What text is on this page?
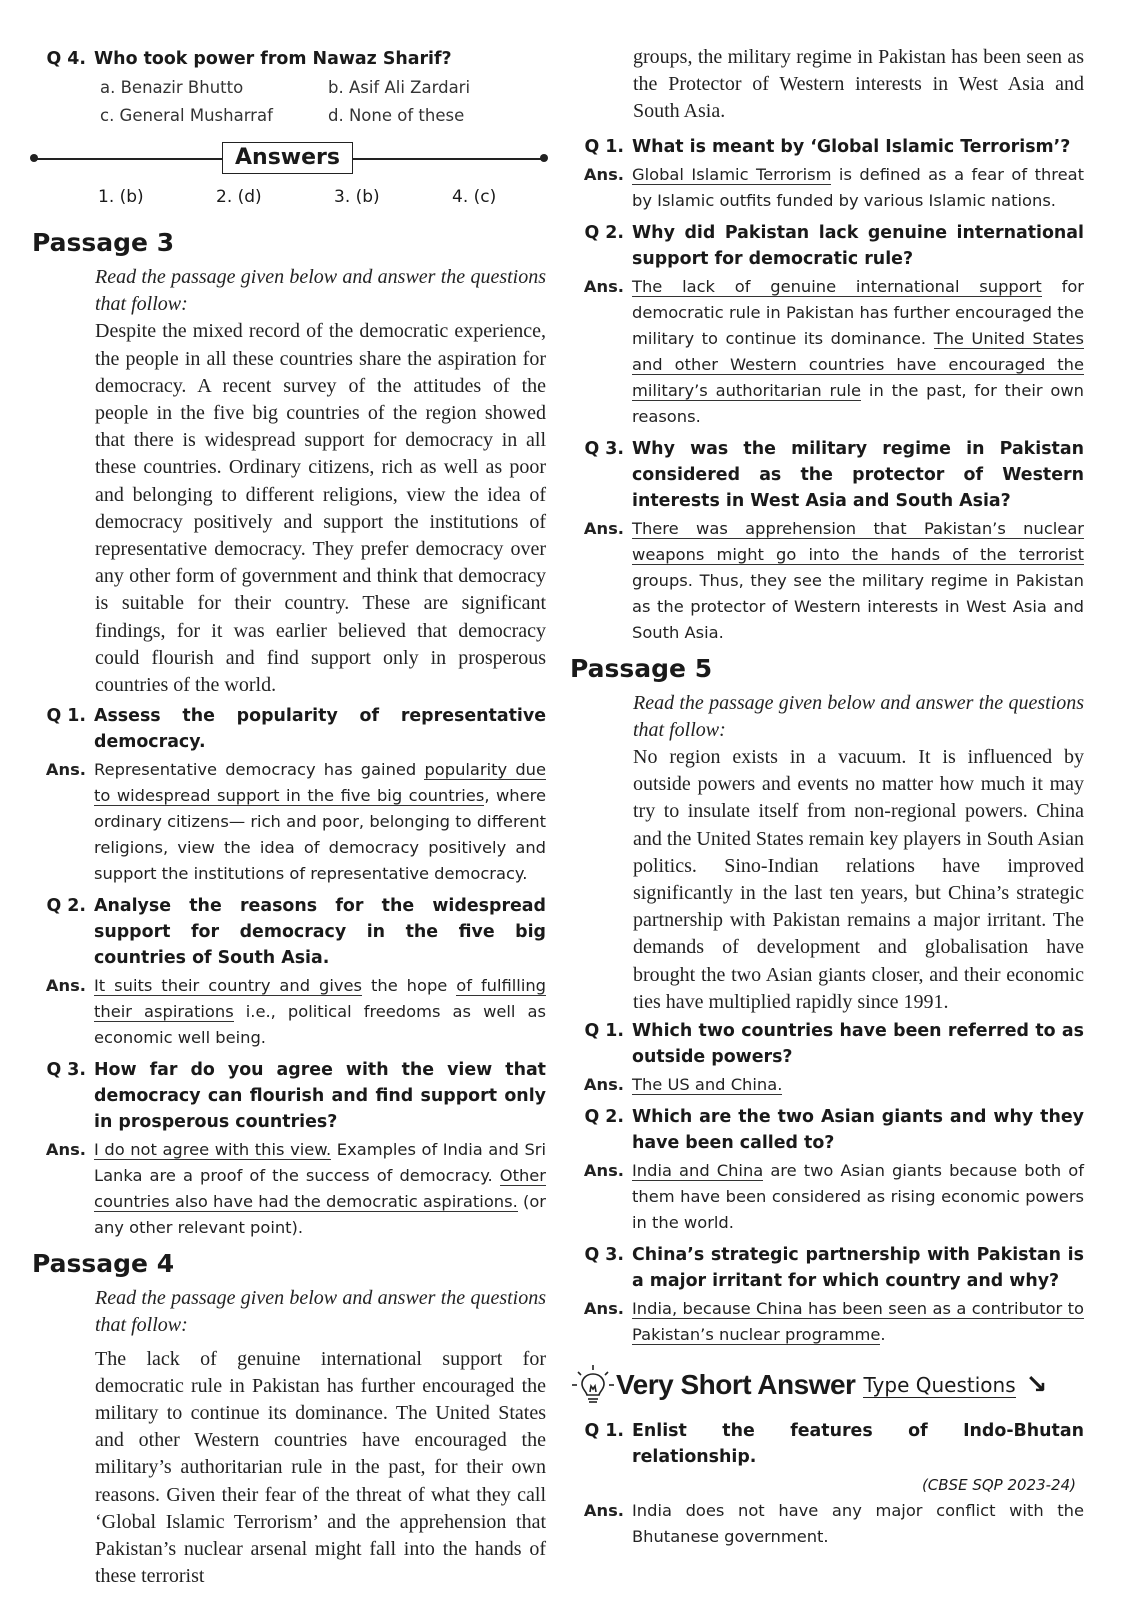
Q 4. Who took power from Nawaz Sharif?
a. Benazir Bhutto	b. Asif Ali Zardari
c. General Musharraf	d. None of these
Answers
1. (b)	2. (d)	3. (b)	4. (c)
Passage 3
Read the passage given below and answer the questions that follow:
Despite the mixed record of the democratic experience, the people in all these countries share the aspiration for democracy. A recent survey of the attitudes of the people in the five big countries of the region showed that there is widespread support for democracy in all these countries. Ordinary citizens, rich as well as poor and belonging to different religions, view the idea of democracy positively and support the institutions of representative democracy. They prefer democracy over any other form of government and think that democracy is suitable for their country. These are significant findings, for it was earlier believed that democracy could flourish and find support only in prosperous countries of the world.
Q 1. Assess the popularity of representative democracy.
Ans. Representative democracy has gained popularity due to widespread support in the five big countries, where ordinary citizens— rich and poor, belonging to different religions, view the idea of democracy positively and support the institutions of representative democracy.
Q 2. Analyse the reasons for the widespread support for democracy in the five big countries of South Asia.
Ans. It suits their country and gives the hope of fulfilling their aspirations i.e., political freedoms as well as economic well being.
Q 3. How far do you agree with the view that democracy can flourish and find support only in prosperous countries?
Ans. I do not agree with this view. Examples of India and Sri Lanka are a proof of the success of democracy. Other countries also have had the democratic aspirations. (or any other relevant point).
Passage 4
Read the passage given below and answer the questions that follow:
The lack of genuine international support for democratic rule in Pakistan has further encouraged the military to continue its dominance. The United States and other Western countries have encouraged the military’s authoritarian rule in the past, for their own reasons. Given their fear of the threat of what they call ‘Global Islamic Terrorism’ and the apprehension that Pakistan’s nuclear arsenal might fall into the hands of these terrorist
groups, the military regime in Pakistan has been seen as the Protector of Western interests in West Asia and South Asia.
Q 1. What is meant by ‘Global Islamic Terrorism’?
Ans. Global Islamic Terrorism is defined as a fear of threat by Islamic outfits funded by various Islamic nations.
Q 2. Why did Pakistan lack genuine international support for democratic rule?
Ans. The lack of genuine international support for democratic rule in Pakistan has further encouraged the military to continue its dominance. The United States and other Western countries have encouraged the military’s authoritarian rule in the past, for their own reasons.
Q 3. Why was the military regime in Pakistan considered as the protector of Western interests in West Asia and South Asia?
Ans. There was apprehension that Pakistan’s nuclear weapons might go into the hands of the terrorist groups. Thus, they see the military regime in Pakistan as the protector of Western interests in West Asia and South Asia.
Passage 5
Read the passage given below and answer the questions that follow:
No region exists in a vacuum. It is influenced by outside powers and events no matter how much it may try to insulate itself from non-regional powers. China and the United States remain key players in South Asian politics. Sino-Indian relations have improved significantly in the last ten years, but China’s strategic partnership with Pakistan remains a major irritant. The demands of development and globalisation have brought the two Asian giants closer, and their economic ties have multiplied rapidly since 1991.
Q 1. Which two countries have been referred to as outside powers?
Ans. The US and China.
Q 2. Which are the two Asian giants and why they have been called to?
Ans. India and China are two Asian giants because both of them have been considered as rising economic powers in the world.
Q 3. China’s strategic partnership with Pakistan is a major irritant for which country and why?
Ans. India, because China has been seen as a contributor to Pakistan’s nuclear programme.
Very Short Answer Type Questions ↘
Q 1. Enlist the features of Indo-Bhutan relationship.
(CBSE SQP 2023-24)
Ans. India does not have any major conflict with the Bhutanese government.
